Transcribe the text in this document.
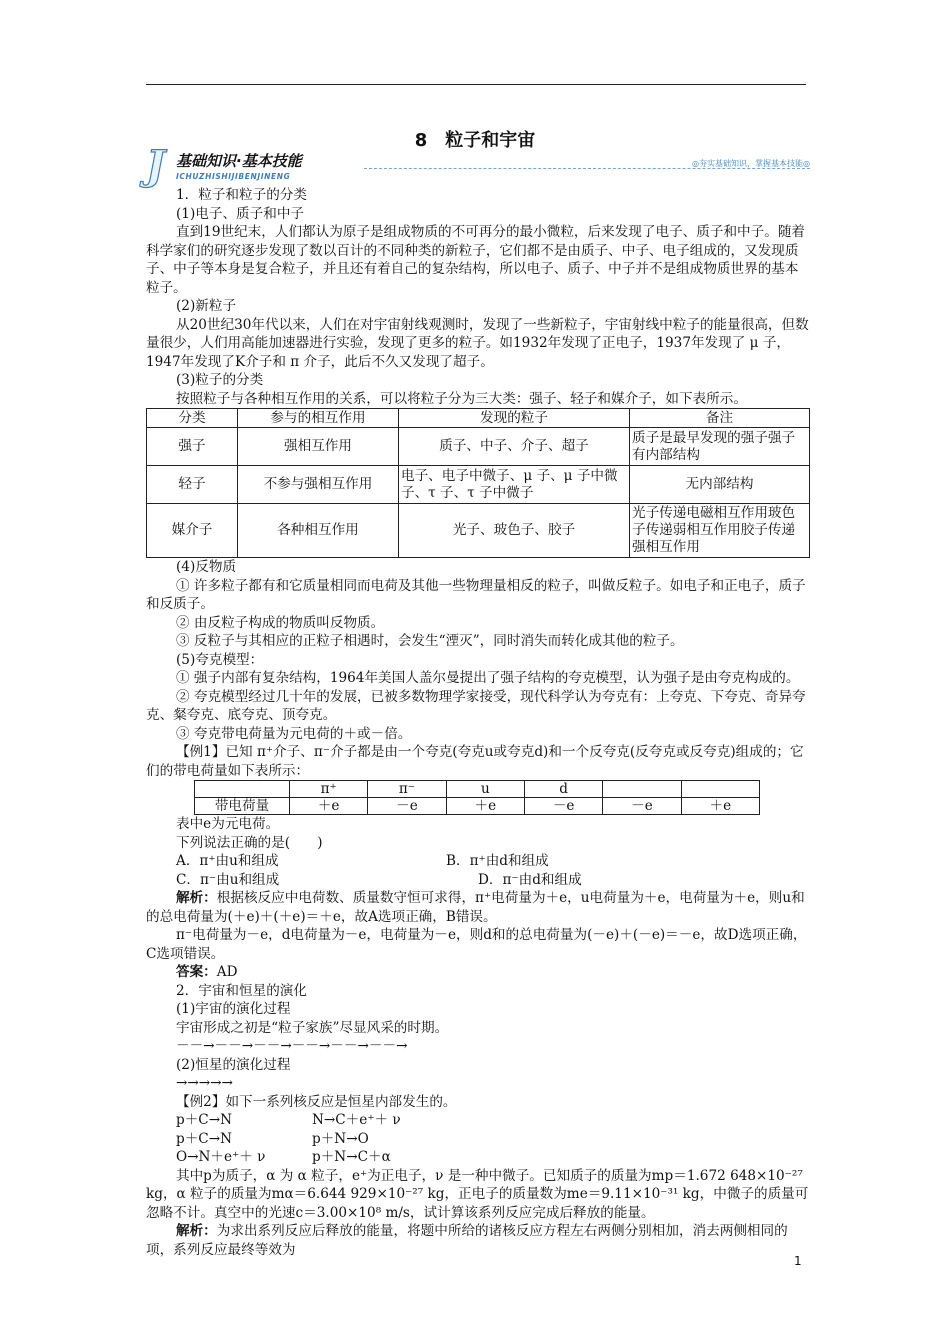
8　粒子和宇宙
J 基础知识·基本技能
ICHUZHISHIJIBENJINENG
◎夯实基础知识，掌握基本技能◎

1．粒子和粒子的分类

(1)电子、质子和中子

直到19世纪末，人们都认为原子是组成物质的不可再分的最小微粒，后来发现了电子、质子和中子。随着科学家们的研究逐步发现了数以百计的不同种类的新粒子，它们都不是由质子、中子、电子组成的，又发现质子、中子等本身是复合粒子，并且还有着自己的复杂结构，所以电子、质子、中子并不是组成物质世界的基本粒子。

(2)新粒子

从20世纪30年代以来，人们在对宇宙射线观测时，发现了一些新粒子，宇宙射线中粒子的能量很高，但数量很少，人们用高能加速器进行实验，发现了更多的粒子。如1932年发现了正电子，1937年发现了 μ 子，1947年发现了K介子和 π 介子，此后不久又发现了超子。

(3)粒子的分类

按照粒子与各种相互作用的关系，可以将粒子分为三大类：强子、轻子和媒介子，如下表所示。

分类	参与的相互作用	发现的粒子	备注
强子	强相互作用	质子、中子、介子、超子	质子是最早发现的强子强子有内部结构
轻子	不参与强相互作用	电子、电子中微子、μ 子、μ 子中微子、τ 子、τ 子中微子	无内部结构
媒介子	各种相互作用	光子、玻色子、胶子	光子传递电磁相互作用玻色子传递弱相互作用胶子传递强相互作用

(4)反物质

① 许多粒子都有和它质量相同而电荷及其他一些物理量相反的粒子，叫做反粒子。如电子和正电子，质子和反质子。

② 由反粒子构成的物质叫反物质。

③ 反粒子与其相应的正粒子相遇时，会发生“湮灭”，同时消失而转化成其他的粒子。

(5)夸克模型：

① 强子内部有复杂结构，1964年美国人盖尔曼提出了强子结构的夸克模型，认为强子是由夸克构成的。

② 夸克模型经过几十年的发展，已被多数物理学家接受，现代科学认为夸克有：上夸克、下夸克、奇异夸克、粲夸克、底夸克、顶夸克。

③ 夸克带电荷量为元电荷的＋或－倍。

【例1】已知 π⁺介子、π⁻介子都是由一个夸克(夸克u或夸克d)和一个反夸克(反夸克或反夸克)组成的；它们的带电荷量如下表所示：

	π⁺	π⁻	u	d		
带电荷量	＋e	－e	＋e	－e	－e	＋e

表中e为元电荷。

下列说法正确的是(　　)

A．π⁺由u和组成	B．π⁺由d和组成
C．π⁻由u和组成	D．π⁻由d和组成

解析：根据核反应中电荷数、质量数守恒可求得，π⁺电荷量为＋e，u电荷量为＋e，电荷量为＋e，则u和的总电荷量为(＋e)＋(＋e)＝＋e，故A选项正确，B错误。

π⁻电荷量为－e，d电荷量为－e，电荷量为－e，则d和的总电荷量为(－e)＋(－e)＝－e，故D选项正确，C选项错误。

答案：AD

2．宇宙和恒星的演化

(1)宇宙的演化过程

宇宙形成之初是“粒子家族”尽显风采的时期。

－－→－－→－－→－－→－－→－－→

(2)恒星的演化过程

→→→→→

【例2】如下一系列核反应是恒星内部发生的。

p＋C→N	N→C＋e⁺＋ ν
p＋C→N	p＋N→O
O→N＋e⁺＋ ν	p＋N→C＋α

其中p为质子，α 为 α 粒子，e⁺为正电子，ν 是一种中微子。已知质子的质量为mp＝1.672 648×10⁻²⁷ kg，α 粒子的质量为mα＝6.644 929×10⁻²⁷ kg，正电子的质量数为me＝9.11×10⁻³¹ kg，中微子的质量可忽略不计。真空中的光速c＝3.00×10⁸ m/s，试计算该系列反应完成后释放的能量。

解析：为求出系列反应后释放的能量，将题中所给的诸核反应方程左右两侧分别相加，消去两侧相同的项，系列反应最终等效为

1
